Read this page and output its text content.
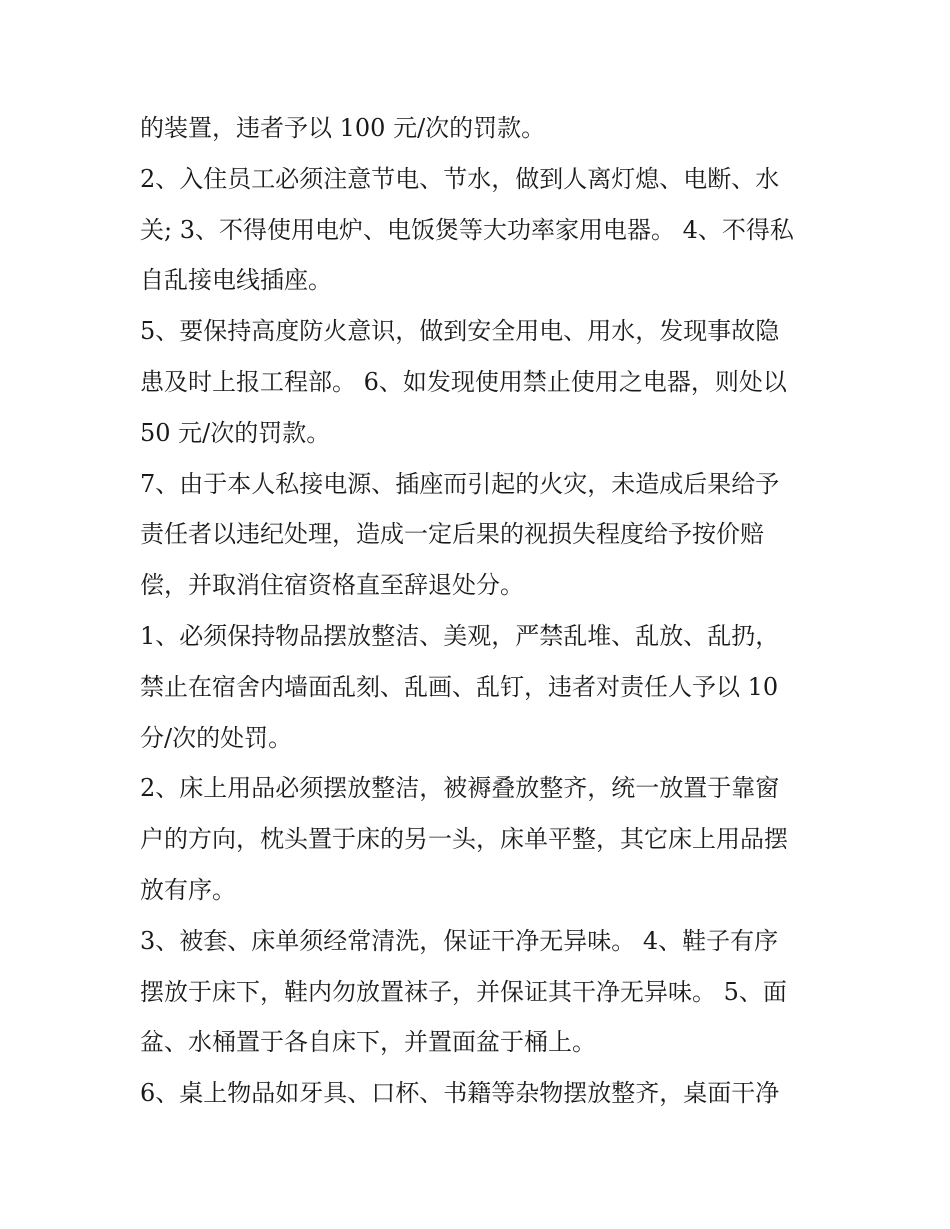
的装置，违者予以 100 元/次的罚款。
2、入住员工必须注意节电、节水，做到人离灯熄、电断、水
关; 3、不得使用电炉、电饭煲等大功率家用电器。 4、不得私
自乱接电线插座。
5、要保持高度防火意识，做到安全用电、用水，发现事故隐
患及时上报工程部。 6、如发现使用禁止使用之电器，则处以
50 元/次的罚款。
7、由于本人私接电源、插座而引起的火灾，未造成后果给予
责任者以违纪处理，造成一定后果的视损失程度给予按价赔
偿，并取消住宿资格直至辞退处分。
1、必须保持物品摆放整洁、美观，严禁乱堆、乱放、乱扔，
禁止在宿舍内墙面乱刻、乱画、乱钉，违者对责任人予以 10
分/次的处罚。
2、床上用品必须摆放整洁，被褥叠放整齐，统一放置于靠窗
户的方向，枕头置于床的另一头，床单平整，其它床上用品摆
放有序。
3、被套、床单须经常清洗，保证干净无异味。 4、鞋子有序
摆放于床下，鞋内勿放置袜子，并保证其干净无异味。 5、面
盆、水桶置于各自床下，并置面盆于桶上。
6、桌上物品如牙具、口杯、书籍等杂物摆放整齐，桌面干净
